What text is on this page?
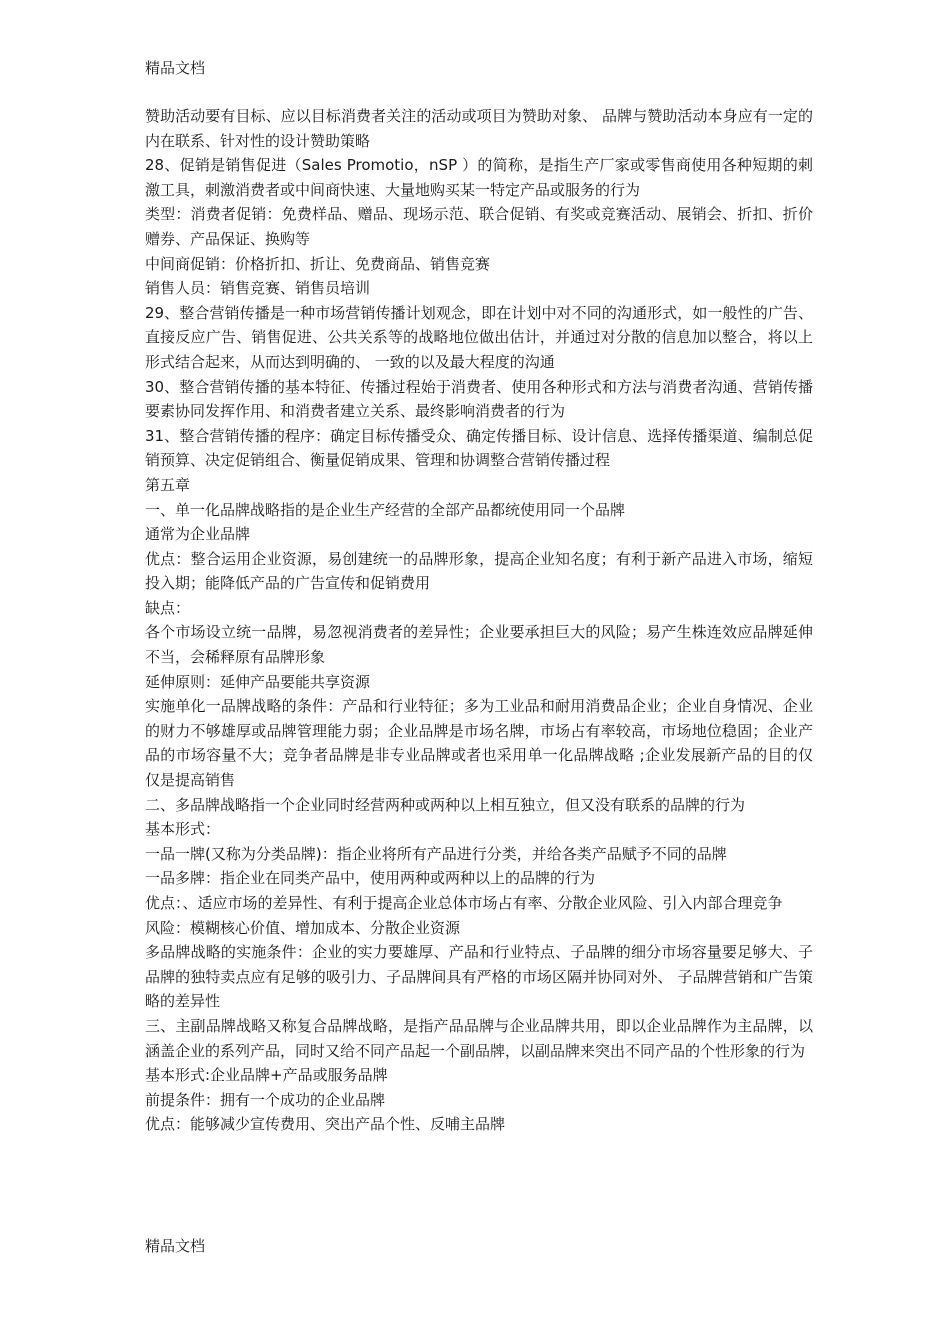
精品文档

赞助活动要有目标、应以目标消费者关注的活动或项目为赞助对象、 品牌与赞助活动本身应有一定的内在联系、针对性的设计赞助策略

28、促销是销售促进（Sales Promotio，nSP ）的简称，是指生产厂家或零售商使用各种短期的刺激工具，刺激消费者或中间商快速、大量地购买某一特定产品或服务的行为

类型：消费者促销：免费样品、赠品、现场示范、联合促销、有奖或竞赛活动、展销会、折扣、折价赠券、产品保证、换购等

中间商促销：价格折扣、折让、免费商品、销售竞赛

销售人员：销售竞赛、销售员培训

29、整合营销传播是一种市场营销传播计划观念，即在计划中对不同的沟通形式，如一般性的广告、直接反应广告、销售促进、公共关系等的战略地位做出估计，并通过对分散的信息加以整合，将以上形式结合起来，从而达到明确的、 一致的以及最大程度的沟通

30、整合营销传播的基本特征、传播过程始于消费者、使用各种形式和方法与消费者沟通、营销传播要素协同发挥作用、和消费者建立关系、最终影响消费者的行为

31、整合营销传播的程序：确定目标传播受众、确定传播目标、设计信息、选择传播渠道、编制总促销预算、决定促销组合、衡量促销成果、管理和协调整合营销传播过程

第五章

一、单一化品牌战略指的是企业生产经营的全部产品都统使用同一个品牌

通常为企业品牌

优点：整合运用企业资源，易创建统一的品牌形象，提高企业知名度；有利于新产品进入市场，缩短投入期；能降低产品的广告宣传和促销费用

缺点：

各个市场设立统一品牌，易忽视消费者的差异性；企业要承担巨大的风险；易产生株连效应品牌延伸不当，会稀释原有品牌形象

延伸原则：延伸产品要能共享资源

实施单化一品牌战略的条件：产品和行业特征；多为工业品和耐用消费品企业；企业自身情况、企业的财力不够雄厚或品牌管理能力弱；企业品牌是市场名牌，市场占有率较高，市场地位稳固；企业产品的市场容量不大；竞争者品牌是非专业品牌或者也采用单一化品牌战略 ;企业发展新产品的目的仅仅是提高销售

二、多品牌战略指一个企业同时经营两种或两种以上相互独立，但又没有联系的品牌的行为

基本形式：

一品一牌(又称为分类品牌)：指企业将所有产品进行分类，并给各类产品赋予不同的品牌

一品多牌：指企业在同类产品中，使用两种或两种以上的品牌的行为

优点：、适应市场的差异性、有利于提高企业总体市场占有率、分散企业风险、引入内部合理竞争

风险：模糊核心价值、增加成本、分散企业资源

多品牌战略的实施条件：企业的实力要雄厚、产品和行业特点、子品牌的细分市场容量要足够大、子品牌的独特卖点应有足够的吸引力、子品牌间具有严格的市场区隔并协同对外、 子品牌营销和广告策略的差异性

三、主副品牌战略又称复合品牌战略，是指产品品牌与企业品牌共用，即以企业品牌作为主品牌，以涵盖企业的系列产品，同时又给不同产品起一个副品牌，以副品牌来突出不同产品的个性形象的行为

基本形式:企业品牌+产品或服务品牌

前提条件：拥有一个成功的企业品牌

优点：能够减少宣传费用、突出产品个性、反哺主品牌

精品文档
